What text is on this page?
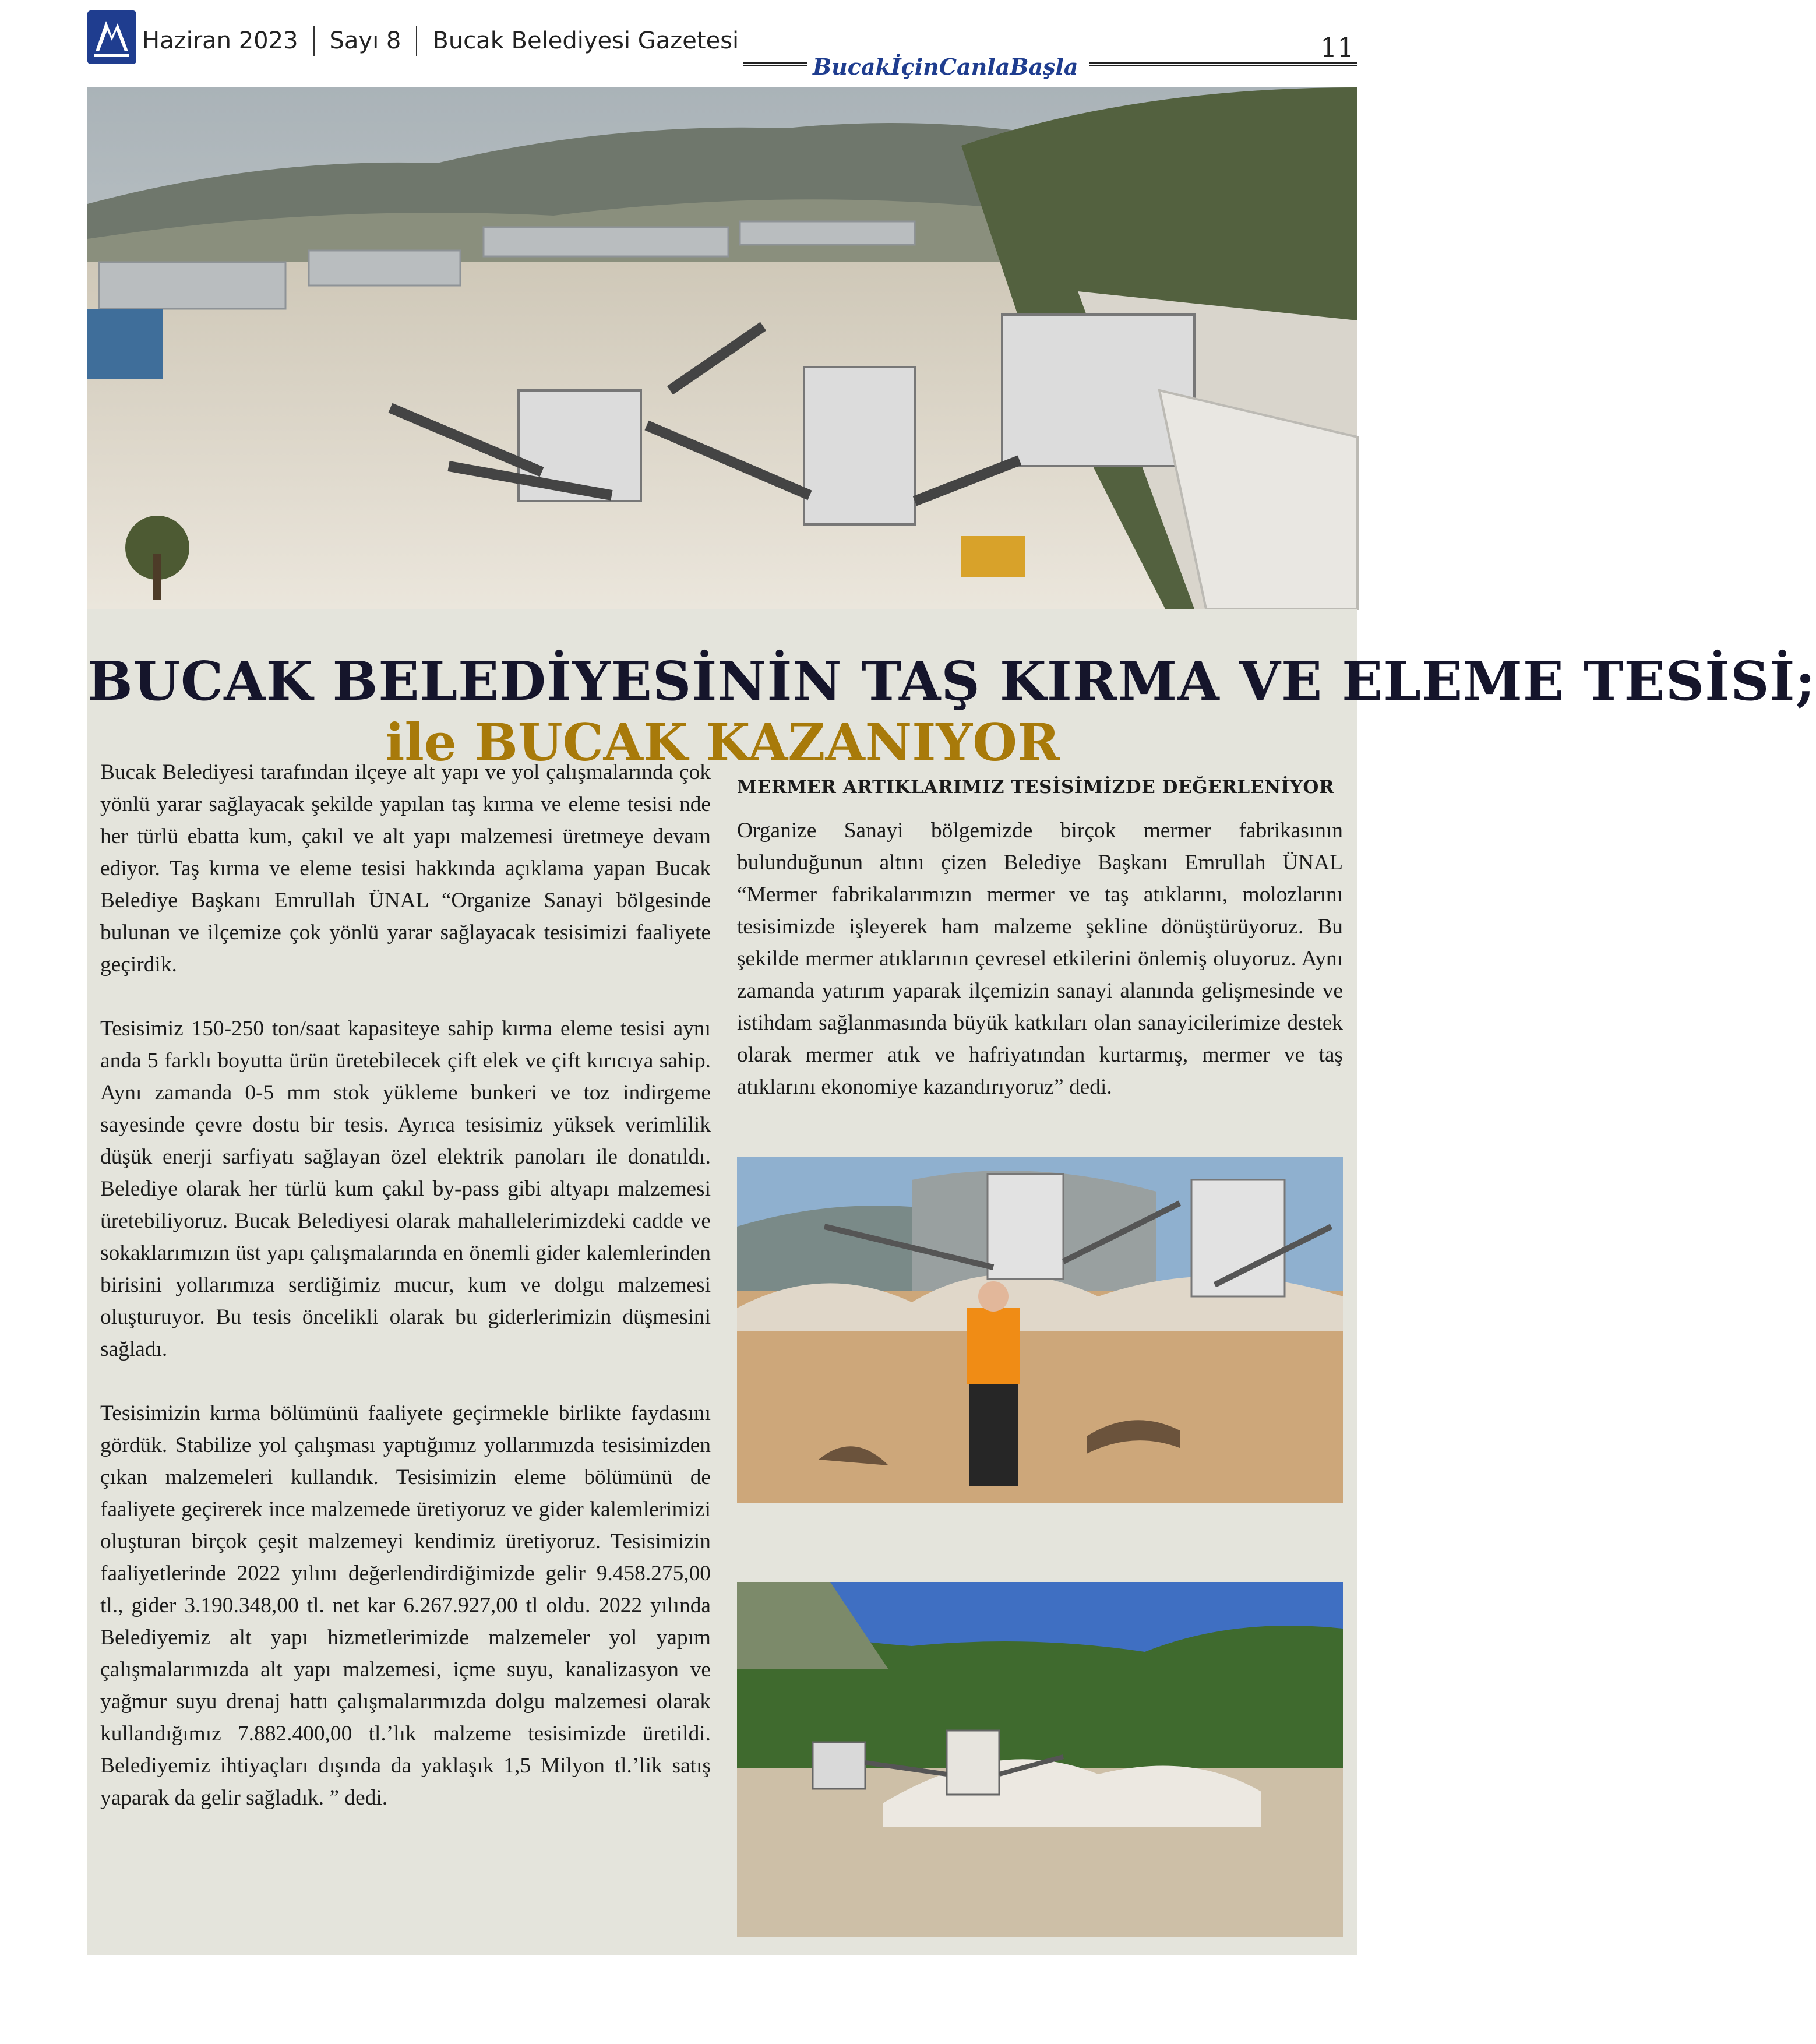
Haziran 2023 Sayı 8 Bucak Belediyesi Gazetesi
BucakİçinCanlaBaşla
11
BUCAK BELEDİYESİNİN TAŞ KIRMA VE ELEME TESİSİ;
ile BUCAK KAZANIYOR

Bucak Belediyesi tarafından ilçeye alt yapı ve yol çalışmalarında çok yönlü yarar sağlayacak şekilde yapılan taş kırma ve eleme tesisi nde her türlü ebatta kum, çakıl ve alt yapı malzemesi üretmeye devam ediyor. Taş kırma ve eleme tesisi hakkında açıklama yapan Bucak Belediye Başkanı Emrullah ÜNAL “Organize Sanayi bölgesinde bulunan ve ilçemize çok yönlü yarar sağlayacak tesisimizi faaliyete geçirdik.

Tesisimiz 150-250 ton/saat kapasiteye sahip kırma eleme tesisi aynı anda 5 farklı boyutta ürün üretebilecek çift elek ve çift kırıcıya sahip. Aynı zamanda 0-5 mm stok yükleme bunkeri ve toz indirgeme sayesinde çevre dostu bir tesis. Ayrıca tesisimiz yüksek verimlilik düşük enerji sarfiyatı sağlayan özel elektrik panoları ile donatıldı. Belediye olarak her türlü kum çakıl by-pass gibi altyapı malzemesi üretebiliyoruz. Bucak Belediyesi olarak mahallelerimizdeki cadde ve sokaklarımızın üst yapı çalışmalarında en önemli gider kalemlerinden birisini yollarımıza serdiğimiz mucur, kum ve dolgu malzemesi oluşturuyor. Bu tesis öncelikli olarak bu giderlerimizin düşmesini sağladı.

Tesisimizin kırma bölümünü faaliyete geçirmekle birlikte faydasını gördük. Stabilize yol çalışması yaptığımız yollarımızda tesisimizden çıkan malzemeleri kullandık. Tesisimizin eleme bölümünü de faaliyete geçirerek ince malzemede üretiyoruz ve gider kalemlerimizi oluşturan birçok çeşit malzemeyi kendimiz üretiyoruz. Tesisimizin faaliyetlerinde 2022 yılını değerlendirdiğimizde gelir 9.458.275,00 tl., gider 3.190.348,00 tl. net kar 6.267.927,00 tl oldu. 2022 yılında Belediyemiz alt yapı hizmetlerimizde malzemeler yol yapım çalışmalarımızda alt yapı malzemesi, içme suyu, kanalizasyon ve yağmur suyu drenaj hattı çalışmalarımızda dolgu malzemesi olarak kullandığımız 7.882.400,00 tl.’lık malzeme tesisimizde üretildi. Belediyemiz ihtiyaçları dışında da yaklaşık 1,5 Milyon tl.’lik satış yaparak da gelir sağladık. ” dedi.

MERMER ARTIKLARIMIZ TESİSİMİZDE DEĞERLENİYOR

Organize Sanayi bölgemizde birçok mermer fabrikasının bulunduğunun altını çizen Belediye Başkanı Emrullah ÜNAL “Mermer fabrikalarımızın mermer ve taş atıklarını, molozlarını tesisimizde işleyerek ham malzeme şekline dönüştürüyoruz. Bu şekilde mermer atıklarının çevresel etkilerini önlemiş oluyoruz. Aynı zamanda yatırım yaparak ilçemizin sanayi alanında gelişmesinde ve istihdam sağlanmasında büyük katkıları olan sanayicilerimize destek olarak mermer atık ve hafriyatından kurtarmış, mermer ve taş atıklarını ekonomiye kazandırıyoruz” dedi.
